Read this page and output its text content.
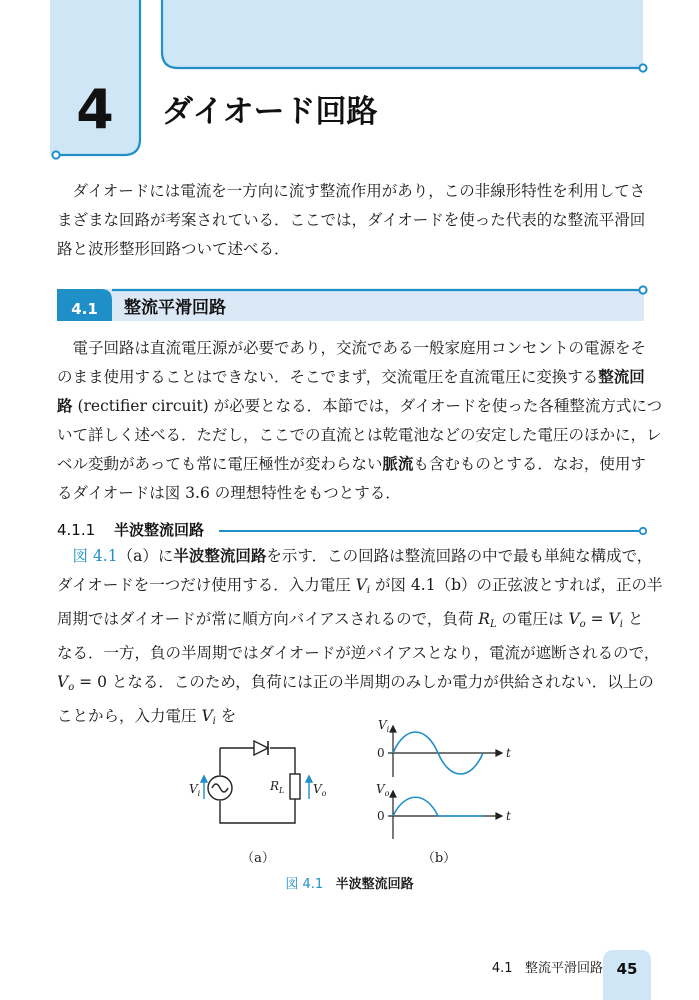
4	ダイオード回路
ダイオードには電流を一方向に流す整流作用があり，この非線形特性を利用してさ
まざまな回路が考案されている．ここでは，ダイオードを使った代表的な整流平滑回
路と波形整形回路ついて述べる．
4.1	整流平滑回路
電子回路は直流電圧源が必要であり，交流である一般家庭用コンセントの電源をそ
のまま使用することはできない．そこでまず，交流電圧を直流電圧に変換する整流回
路 (rectifier circuit) が必要となる．本節では，ダイオードを使った各種整流方式につ
いて詳しく述べる．ただし，ここでの直流とは乾電池などの安定した電圧のほかに，レ
ベル変動があっても常に電圧極性が変わらない脈流も含むものとする．なお，使用す
るダイオードは図 3.6 の理想特性をもつとする．
4.1.1 半波整流回路
図 4.1（a）に半波整流回路を示す．この回路は整流回路の中で最も単純な構成で，
ダイオードを一つだけ使用する．入力電圧 $V_i$ が図 4.1（b）の正弦波とすれば，正の半
周期ではダイオードが常に順方向バイアスされるので，負荷 $R_L$ の電圧は $V_o = V_i$ と
なる．一方，負の半周期ではダイオードが逆バイアスとなり，電流が遮断されるので，
$V_o = 0$ となる．このため，負荷には正の半周期のみしか電力が供給されない．以上の
ことから，入力電圧 $V_i$ を
$V_i$
$R_L$ $V_o$
$V_i$
0	t
$V_o$
0	t
（a）	（b）
図 4.1 半波整流回路
4.1 整流平滑回路 45
